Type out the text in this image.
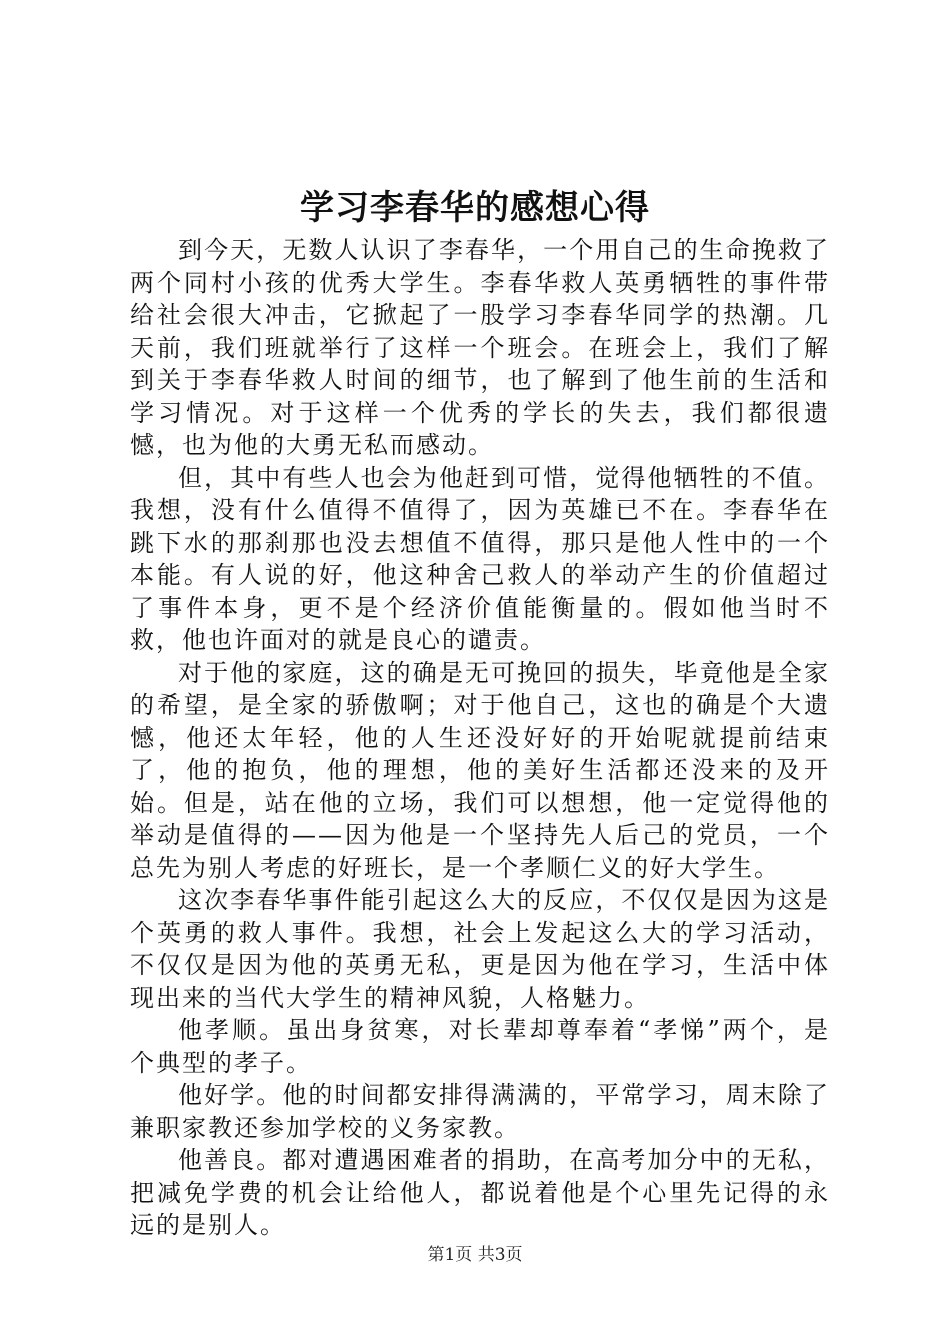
学习李春华的感想心得

到今天，无数人认识了李春华，一个用自己的生命挽救了两个同村小孩的优秀大学生。李春华救人英勇牺牲的事件带给社会很大冲击，它掀起了一股学习李春华同学的热潮。几天前，我们班就举行了这样一个班会。在班会上，我们了解到关于李春华救人时间的细节，也了解到了他生前的生活和学习情况。对于这样一个优秀的学长的失去，我们都很遗憾，也为他的大勇无私而感动。

但，其中有些人也会为他赶到可惜，觉得他牺牲的不值。我想，没有什么值得不值得了，因为英雄已不在。李春华在跳下水的那刹那也没去想值不值得，那只是他人性中的一个本能。有人说的好，他这种舍己救人的举动产生的价值超过了事件本身，更不是个经济价值能衡量的。假如他当时不救，他也许面对的就是良心的谴责。

对于他的家庭，这的确是无可挽回的损失，毕竟他是全家的希望，是全家的骄傲啊；对于他自己，这也的确是个大遗憾，他还太年轻，他的人生还没好好的开始呢就提前结束了，他的抱负，他的理想，他的美好生活都还没来的及开始。但是，站在他的立场，我们可以想想，他一定觉得他的举动是值得的——因为他是一个坚持先人后己的党员，一个总先为别人考虑的好班长，是一个孝顺仁义的好大学生。

这次李春华事件能引起这么大的反应，不仅仅是因为这是个英勇的救人事件。我想，社会上发起这么大的学习活动，不仅仅是因为他的英勇无私，更是因为他在学习，生活中体现出来的当代大学生的精神风貌，人格魅力。

他孝顺。虽出身贫寒，对长辈却尊奉着“孝悌”两个，是个典型的孝子。

他好学。他的时间都安排得满满的，平常学习，周末除了兼职家教还参加学校的义务家教。

他善良。都对遭遇困难者的捐助，在高考加分中的无私，把减免学费的机会让给他人，都说着他是个心里先记得的永远的是别人。

第1页 共3页
